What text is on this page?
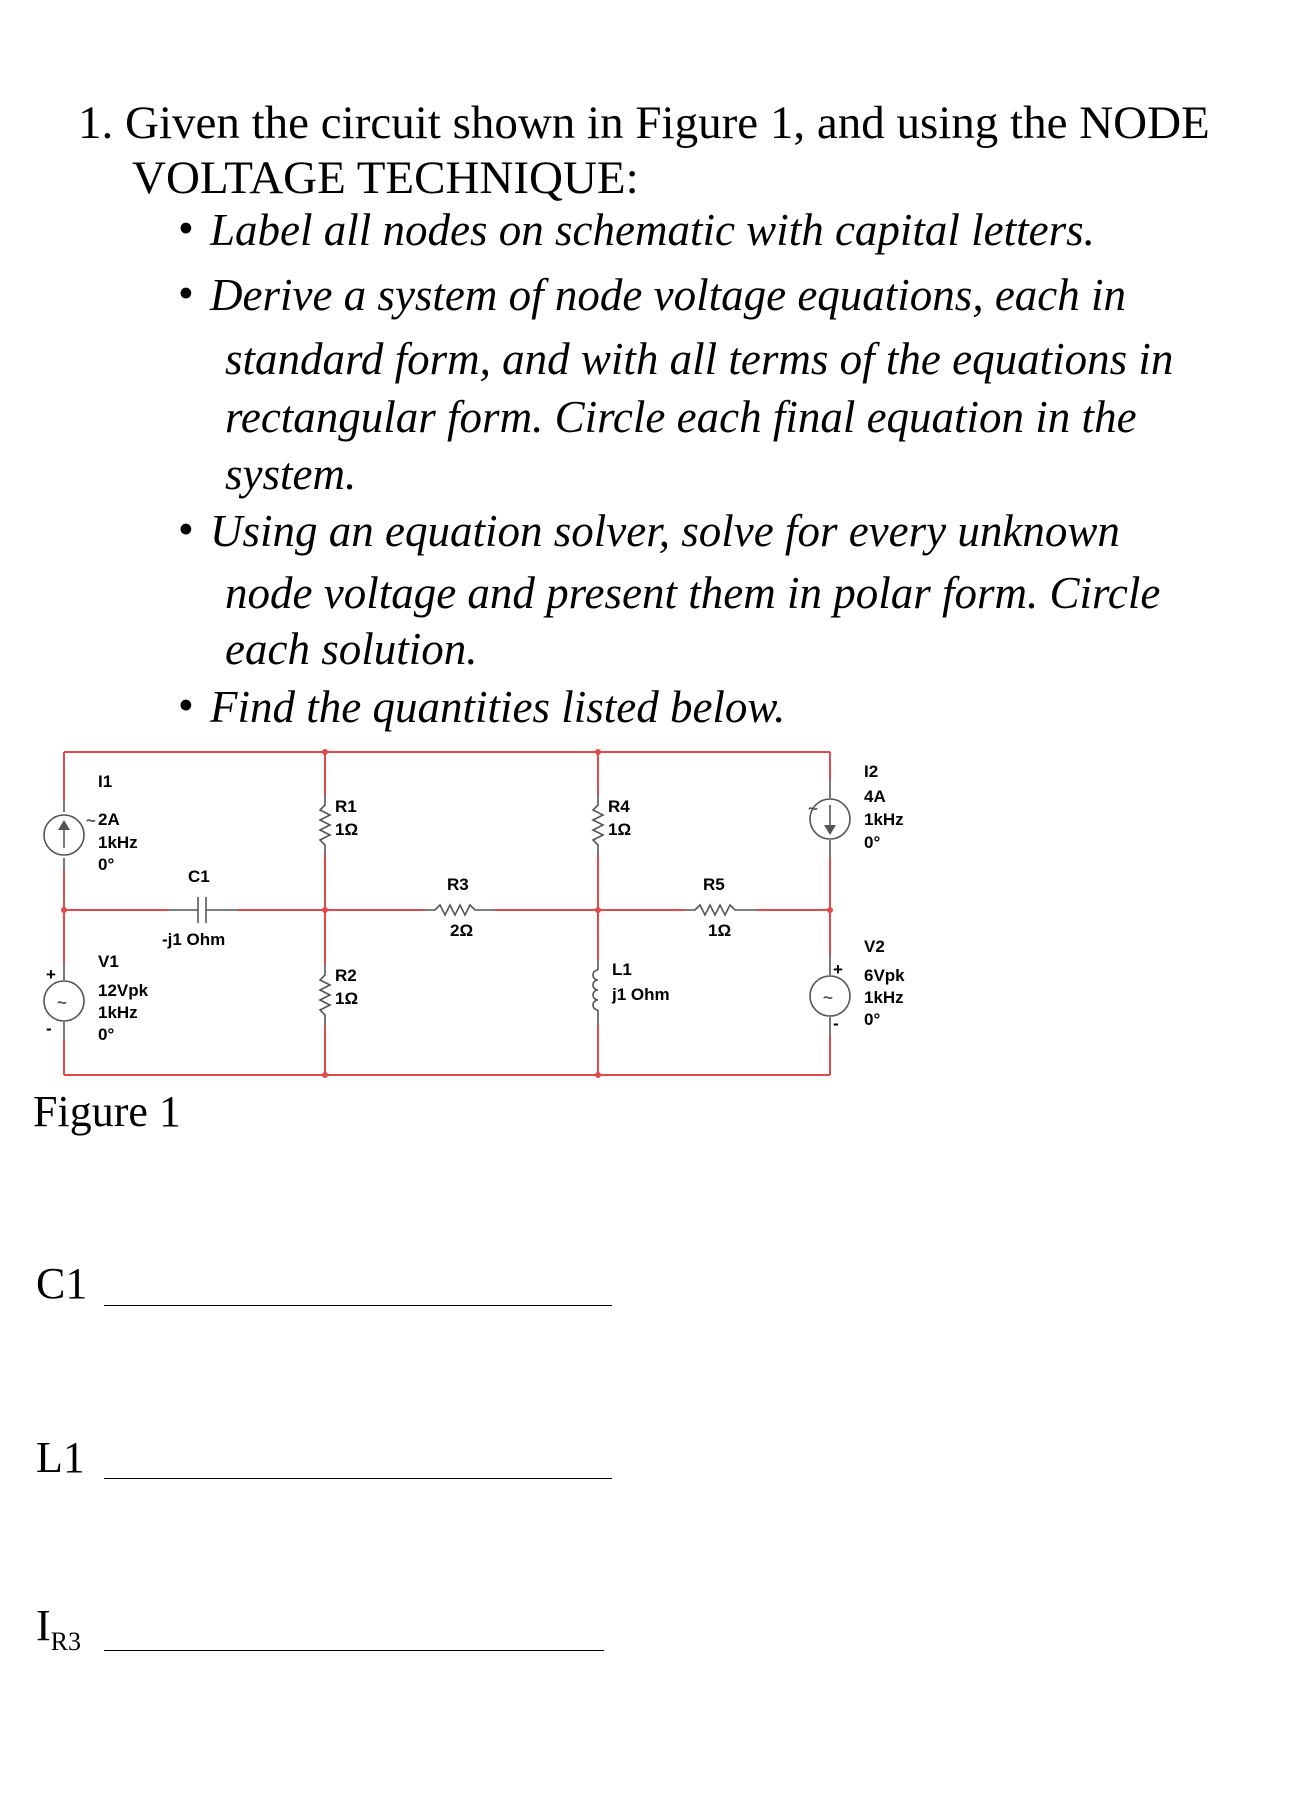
1. Given the circuit shown in Figure 1, and using the NODE
VOLTAGE TECHNIQUE:
• Label all nodes on schematic with capital letters.
• Derive a system of node voltage equations, each in
standard form, and with all terms of the equations in
rectangular form. Circle each final equation in the
system.
• Using an equation solver, solve for every unknown
node voltage and present them in polar form. Circle
each solution.
• Find the quantities listed below.
~
I1
2A
1kHz
0°
~
+
-
V1
12Vpk
1kHz
0°
C1
-j1 Ohm
R1
1Ω
R2
1Ω
R3
2Ω
R4
1Ω
L1
j1 Ohm
R5
1Ω
~
I2
4A
1kHz
0°
~
+
-
V2
6Vpk
1kHz
0°
Figure 1
C1
L1
$I_{R3}$
